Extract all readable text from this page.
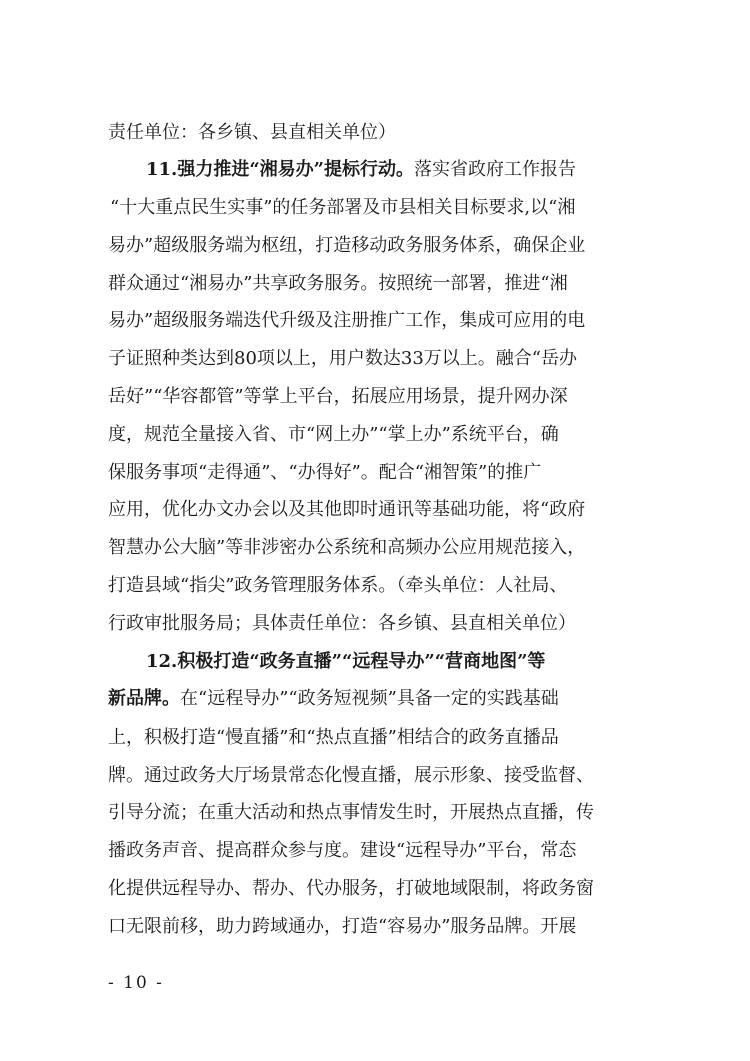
责任单位：各乡镇、县直相关单位）
11.强力推进“湘易办”提标行动。落实省政府工作报告
“十大重点民生实事”的任务部署及市县相关目标要求,以“湘
易办”超级服务端为枢纽，打造移动政务服务体系，确保企业
群众通过“湘易办”共享政务服务。按照统一部署，推进“湘
易办”超级服务端迭代升级及注册推广工作，集成可应用的电
子证照种类达到80项以上，用户数达33万以上。融合“岳办
岳好”“华容都管”等掌上平台，拓展应用场景，提升网办深
度，规范全量接入省、市“网上办”“掌上办”系统平台，确
保服务事项“走得通”、“办得好”。配合“湘智策”的推广
应用，优化办文办会以及其他即时通讯等基础功能，将“政府
智慧办公大脑”等非涉密办公系统和高频办公应用规范接入，
打造县域“指尖”政务管理服务体系。（牵头单位：人社局、
行政审批服务局；具体责任单位：各乡镇、县直相关单位）
12.积极打造“政务直播”“远程导办”“营商地图”等
新品牌。在“远程导办”“政务短视频”具备一定的实践基础
上，积极打造“慢直播”和“热点直播”相结合的政务直播品
牌。通过政务大厅场景常态化慢直播，展示形象、接受监督、
引导分流；在重大活动和热点事情发生时，开展热点直播，传
播政务声音、提高群众参与度。建设“远程导办”平台，常态
化提供远程导办、帮办、代办服务，打破地域限制，将政务窗
口无限前移，助力跨域通办，打造“容易办”服务品牌。开展
- 10 -
